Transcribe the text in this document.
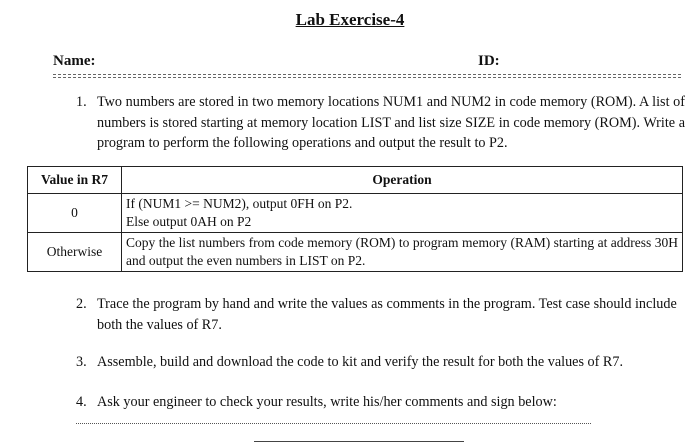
Lab Exercise-4
Name:	ID:
1. Two numbers are stored in two memory locations NUM1 and NUM2 in code memory (ROM). A list of numbers is stored starting at memory location LIST and list size SIZE in code memory (ROM). Write a program to perform the following operations and output the result to P2.
Value in R7	Operation
0	If (NUM1 >= NUM2), output 0FH on P2.
Else output 0AH on P2

Otherwise	Copy the list numbers from code memory (ROM) to program memory (RAM) starting at address 30H and output the even numbers in LIST on P2.
2. Trace the program by hand and write the values as comments in the program. Test case should include both the values of R7.
3. Assemble, build and download the code to kit and verify the result for both the values of R7.
4. Ask your engineer to check your results, write his/her comments and sign below:
